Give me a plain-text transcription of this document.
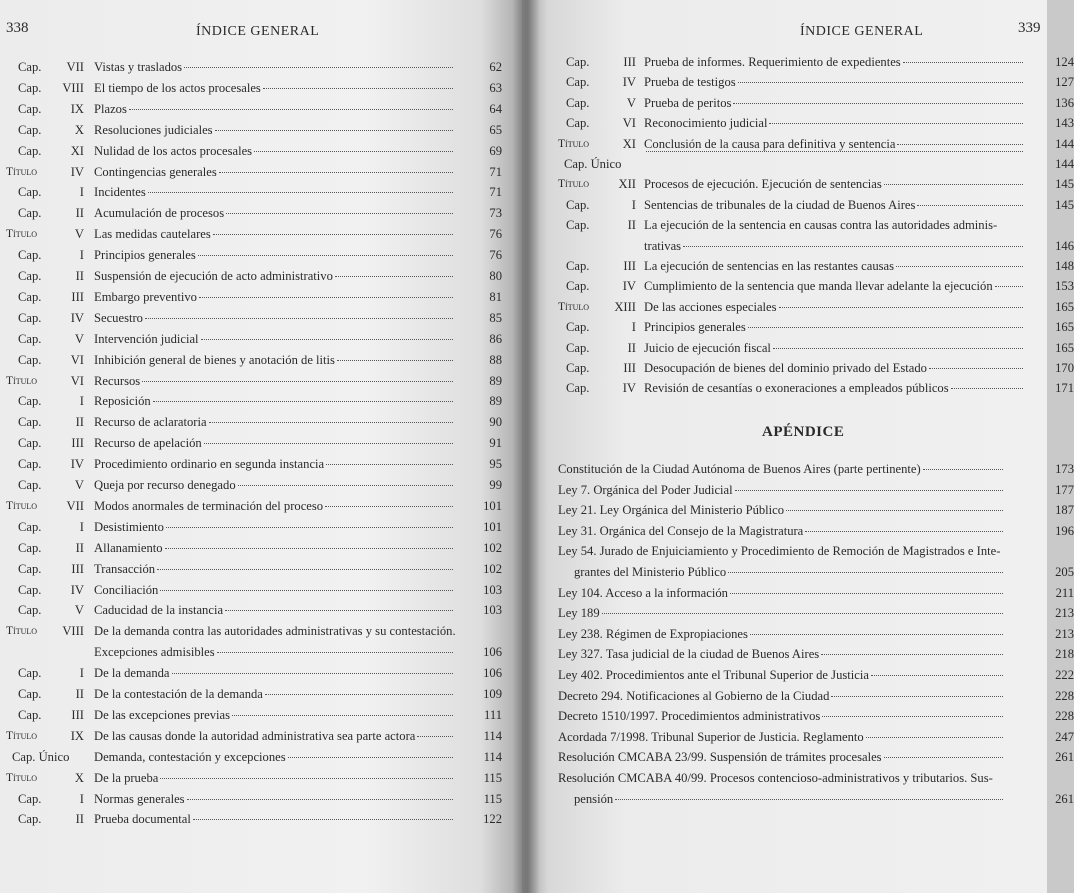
338	ÍNDICE GENERAL
Cap.	VII Vistas y traslados	62
Cap.	VIII El tiempo de los actos procesales	63
Cap.	IX Plazos	64
Cap.	X Resoluciones judiciales	65
Cap.	XI Nulidad de los actos procesales	69
Título	IV Contingencias generales	71
Cap.	I Incidentes	71
Cap.	II Acumulación de procesos	73
Título	V Las medidas cautelares	76
Cap.	I Principios generales	76
Cap.	II Suspensión de ejecución de acto administrativo	80
Cap.	III Embargo preventivo	81
Cap.	IV Secuestro	85
Cap.	V Intervención judicial	86
Cap.	VI Inhibición general de bienes y anotación de litis	88
Título	VI Recursos	89
Cap.	I Reposición	89
Cap.	II Recurso de aclaratoria	90
Cap.	III Recurso de apelación	91
Cap.	IV Procedimiento ordinario en segunda instancia	95
Cap.	V Queja por recurso denegado	99
Título	VII Modos anormales de terminación del proceso	101
Cap.	I Desistimiento	101
Cap.	II Allanamiento	102
Cap.	III Transacción	102
Cap.	IV Conciliación	103
Cap.	V Caducidad de la instancia	103
Título	VIII De la demanda contra las autoridades administrativas y su contestación.
Excepciones admisibles	106
Cap.	I De la demanda	106
Cap.	II De la contestación de la demanda	109
Cap.	III De las excepciones previas	111
Título	IX De las causas donde la autoridad administrativa sea parte actora	114
Cap. Único Demanda, contestación y excepciones	114
Título	X De la prueba	115
Cap.	I Normas generales	115
Cap.	II Prueba documental	122
ÍNDICE GENERAL	339
Cap.	III Prueba de informes. Requerimiento de expedientes	124
Cap.	IV Prueba de testigos	127
Cap.	V Prueba de peritos	136
Cap.	VI Reconocimiento judicial	143
Título	XI Conclusión de la causa para definitiva y sentencia	144
Cap. Único	144
Título	XII Procesos de ejecución. Ejecución de sentencias	145
Cap.	I Sentencias de tribunales de la ciudad de Buenos Aires	145
Cap.	II La ejecución de la sentencia en causas contra las autoridades adminis-
trativas	146
Cap.	III La ejecución de sentencias en las restantes causas	148
Cap.	IV Cumplimiento de la sentencia que manda llevar adelante la ejecución	153
Título	XIII De las acciones especiales	165
Cap.	I Principios generales	165
Cap.	II Juicio de ejecución fiscal	165
Cap.	III Desocupación de bienes del dominio privado del Estado	170
Cap.	IV Revisión de cesantías o exoneraciones a empleados públicos	171
APÉNDICE
Constitución de la Ciudad Autónoma de Buenos Aires (parte pertinente)	173
Ley 7. Orgánica del Poder Judicial	177
Ley 21. Ley Orgánica del Ministerio Público	187
Ley 31. Orgánica del Consejo de la Magistratura	196
Ley 54. Jurado de Enjuiciamiento y Procedimiento de Remoción de Magistrados e Inte-
grantes del Ministerio Público	205
Ley 104. Acceso a la información	211
Ley 189	213
Ley 238. Régimen de Expropiaciones	213
Ley 327. Tasa judicial de la ciudad de Buenos Aires	218
Ley 402. Procedimientos ante el Tribunal Superior de Justicia	222
Decreto 294. Notificaciones al Gobierno de la Ciudad	228
Decreto 1510/1997. Procedimientos administrativos	228
Acordada 7/1998. Tribunal Superior de Justicia. Reglamento	247
Resolución CMCABA 23/99. Suspensión de trámites procesales	261
Resolución CMCABA 40/99. Procesos contencioso-administrativos y tributarios. Sus-
pensión	261
